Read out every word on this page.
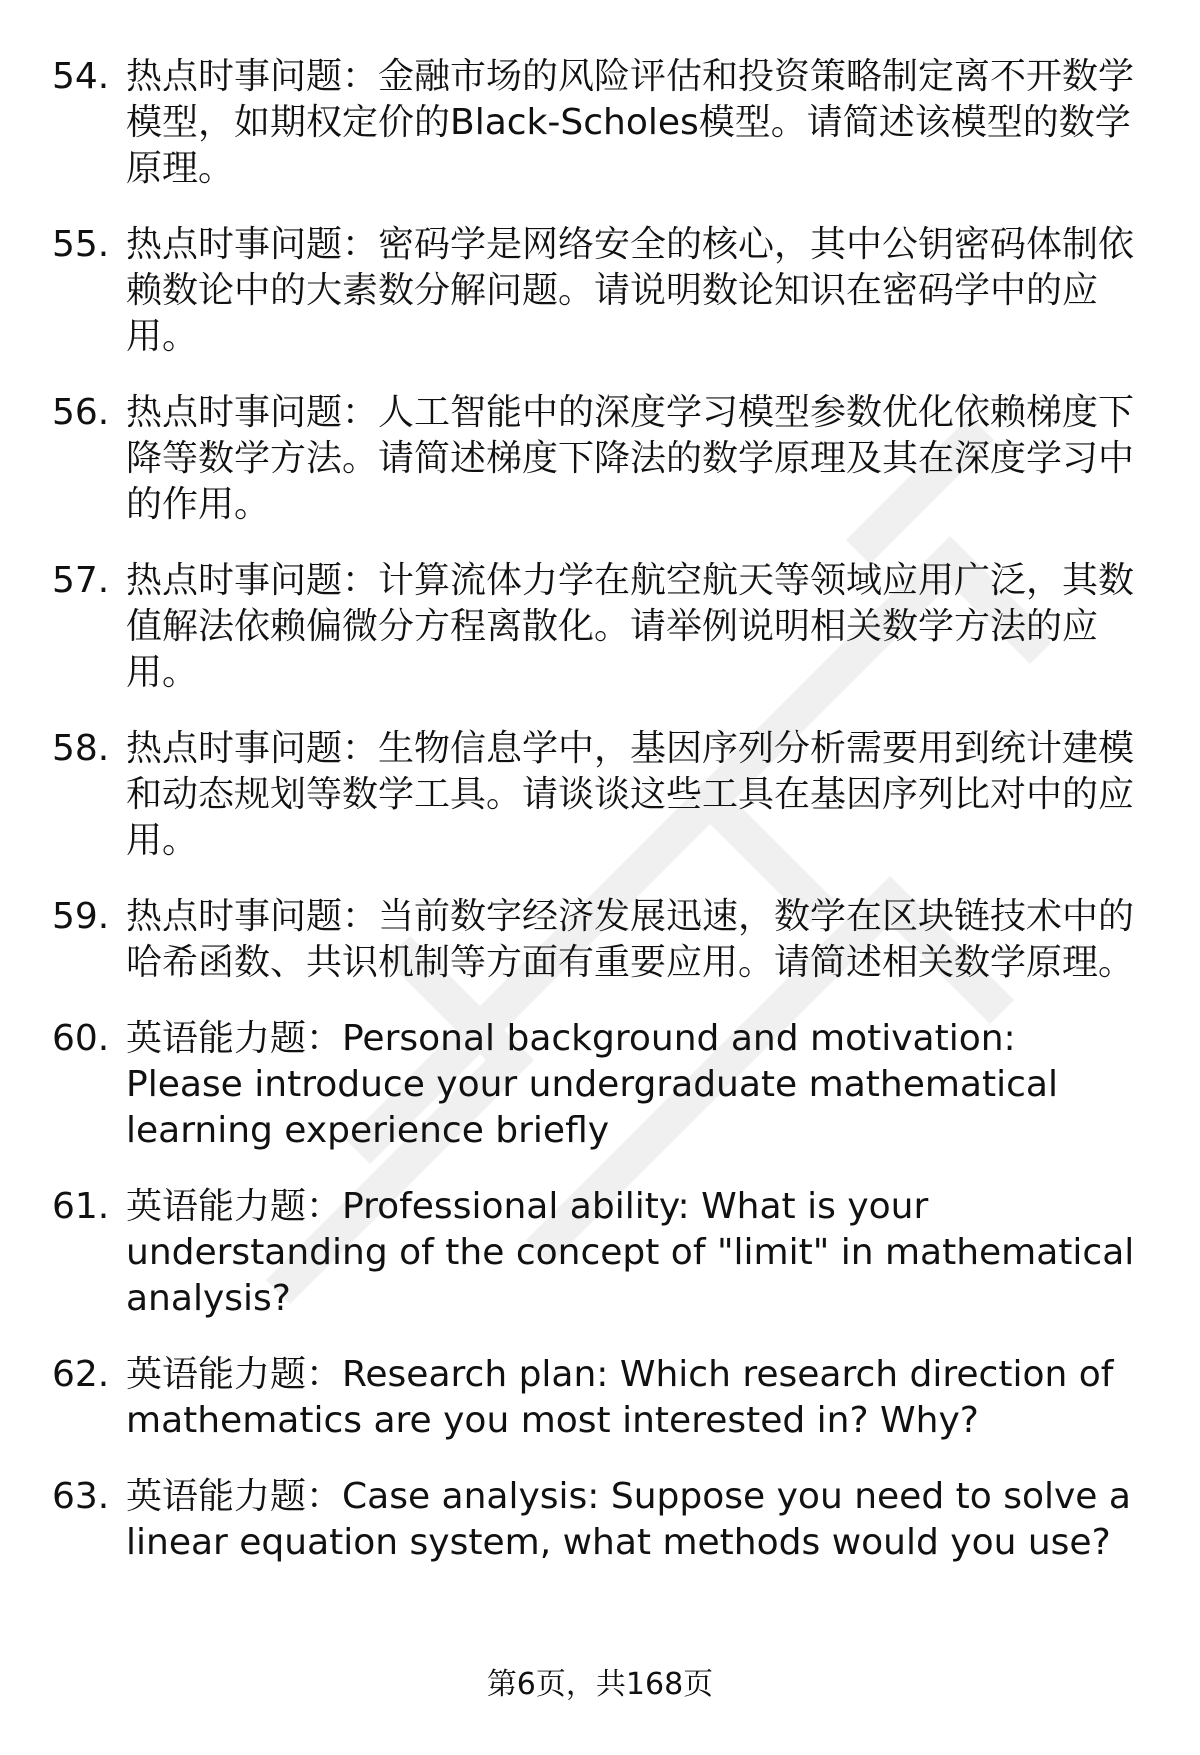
54. 热点时事问题：金融市场的风险评估和投资策略制定离不开数学模型，如期权定价的Black-Scholes模型。请简述该模型的数学原理。
55. 热点时事问题：密码学是网络安全的核心，其中公钥密码体制依赖数论中的大素数分解问题。请说明数论知识在密码学中的应用。
56. 热点时事问题：人工智能中的深度学习模型参数优化依赖梯度下降等数学方法。请简述梯度下降法的数学原理及其在深度学习中的作用。
57. 热点时事问题：计算流体力学在航空航天等领域应用广泛，其数值解法依赖偏微分方程离散化。请举例说明相关数学方法的应用。
58. 热点时事问题：生物信息学中，基因序列分析需要用到统计建模和动态规划等数学工具。请谈谈这些工具在基因序列比对中的应用。
59. 热点时事问题：当前数字经济发展迅速，数学在区块链技术中的哈希函数、共识机制等方面有重要应用。请简述相关数学原理。
60. 英语能力题：Personal background and motivation: Please introduce your undergraduate mathematical learning experience briefly
61. 英语能力题：Professional ability: What is your understanding of the concept of "limit" in mathematical analysis?
62. 英语能力题：Research plan: Which research direction of mathematics are you most interested in? Why?
63. 英语能力题：Case analysis: Suppose you need to solve a linear equation system, what methods would you use?
第6页，共168页
